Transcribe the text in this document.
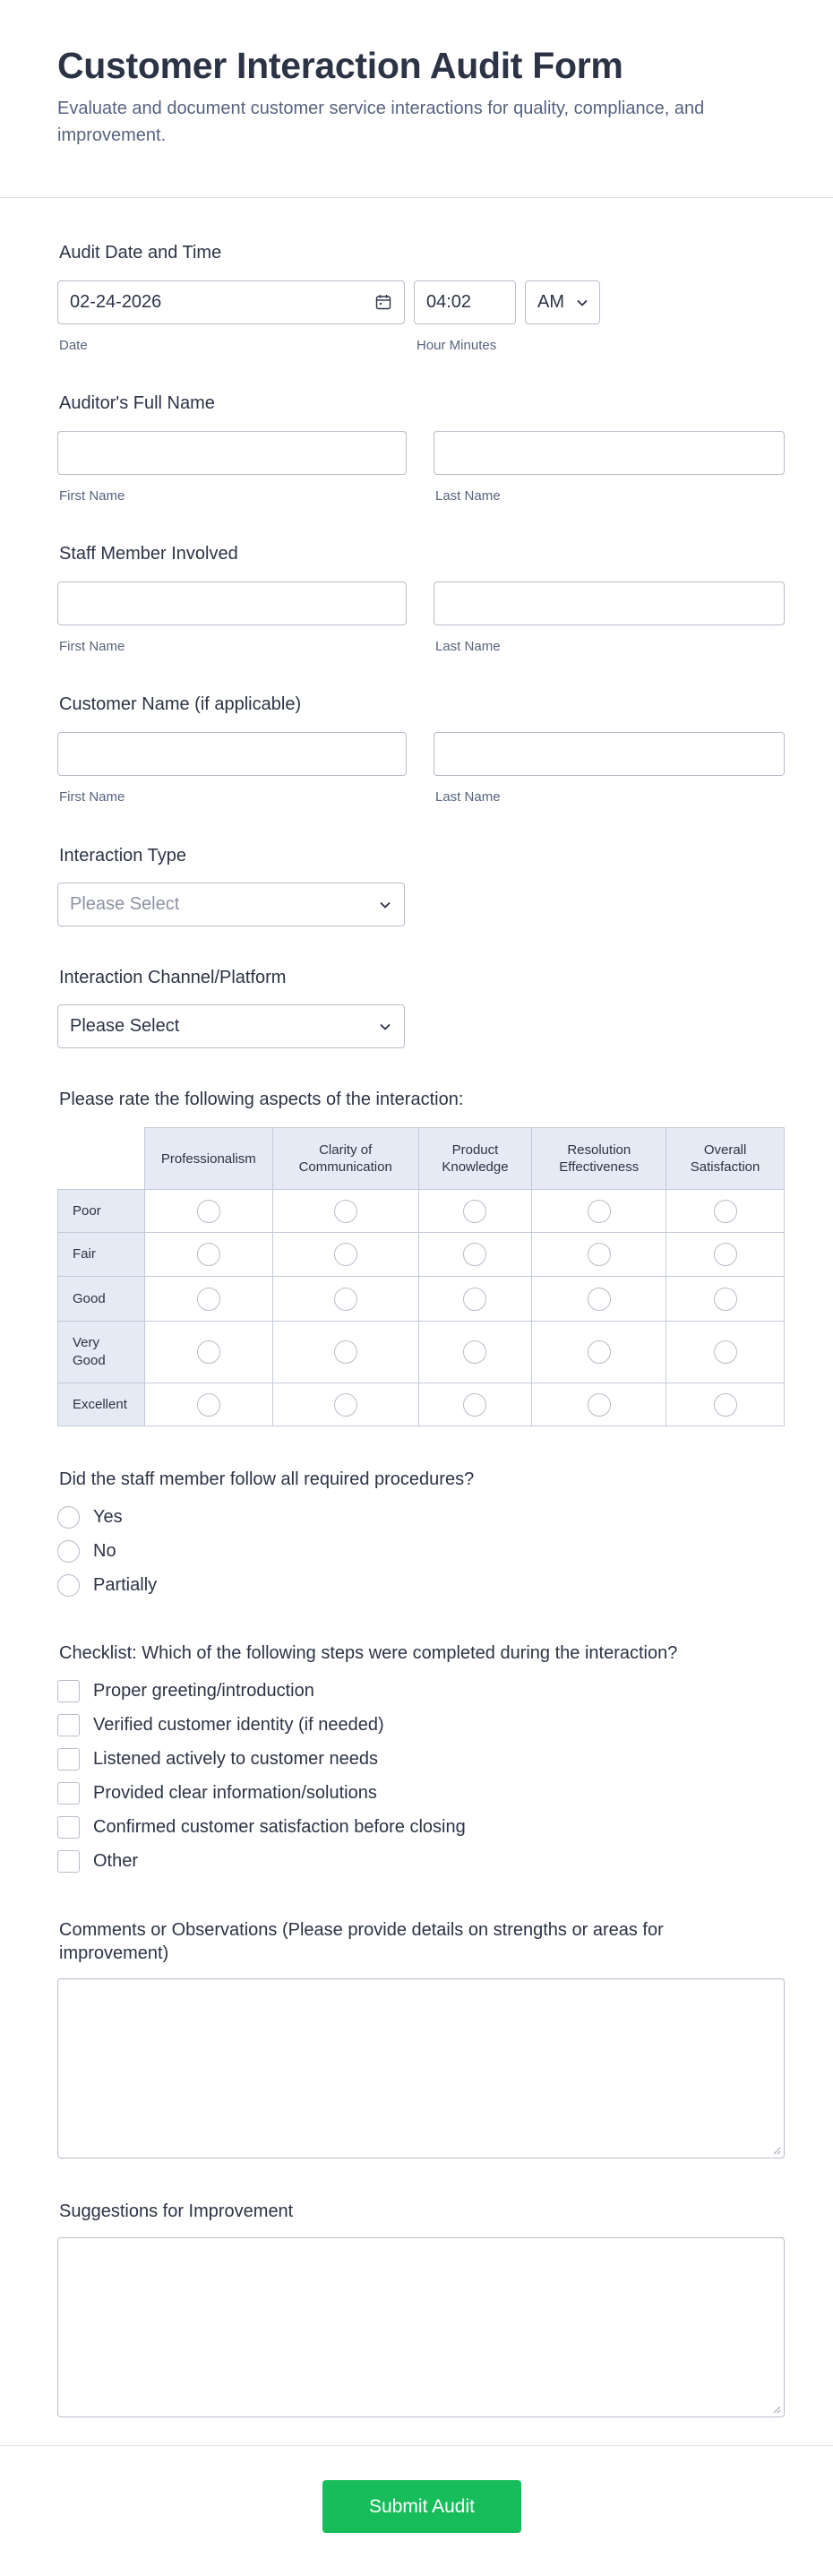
Customer Interaction Audit Form

Evaluate and document customer service interactions for quality, compliance, and improvement.

Audit Date and Time
02-24-2026
Date
04:02
Hour Minutes
AM
Auditor's Full Name
First Name	Last Name
Staff Member Involved
First Name	Last Name
Customer Name (if applicable)
First Name	Last Name
Interaction Type
Please Select
Interaction Channel/Platform
Please Select
Please rate the following aspects of the interaction:
	Professionalism	Clarity of Communication	Product Knowledge	Resolution Effectiveness	Overall Satisfaction
Poor					
Fair					
Good					
Very Good					
Excellent					
Did the staff member follow all required procedures?
Yes
No
Partially
Checklist: Which of the following steps were completed during the interaction?
Proper greeting/introduction
Verified customer identity (if needed)
Listened actively to customer needs
Provided clear information/solutions
Confirmed customer satisfaction before closing
Other
Comments or Observations (Please provide details on strengths or areas for improvement)
Suggestions for Improvement
Submit Audit
